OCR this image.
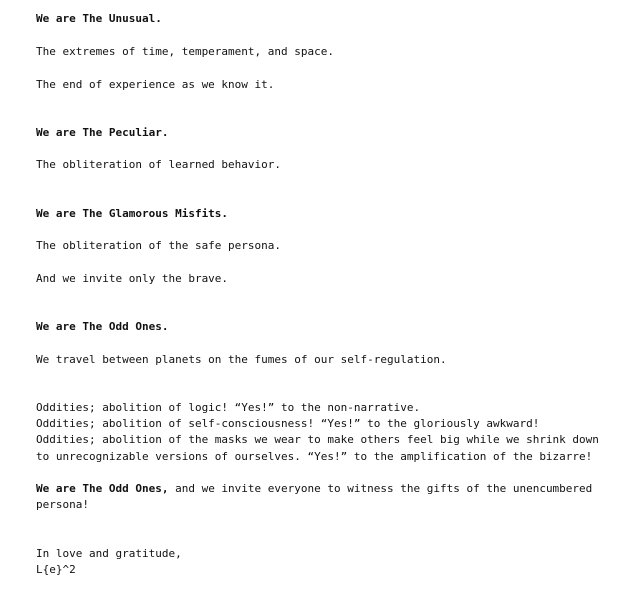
We are The Unusual.
The extremes of time, temperament, and space.
The end of experience as we know it.
We are The Peculiar.
The obliteration of learned behavior.
We are The Glamorous Misfits.
The obliteration of the safe persona.
And we invite only the brave.
We are The Odd Ones.
We travel between planets on the fumes of our self-regulation.
Oddities; abolition of logic! “Yes!” to the non-narrative.
Oddities; abolition of self-consciousness! “Yes!” to the gloriously awkward!
Oddities; abolition of the masks we wear to make others feel big while we shrink down
to unrecognizable versions of ourselves. “Yes!” to the amplification of the bizarre!
We are The Odd Ones, and we invite everyone to witness the gifts of the unencumbered
persona!
In love and gratitude,
L{e}^2
